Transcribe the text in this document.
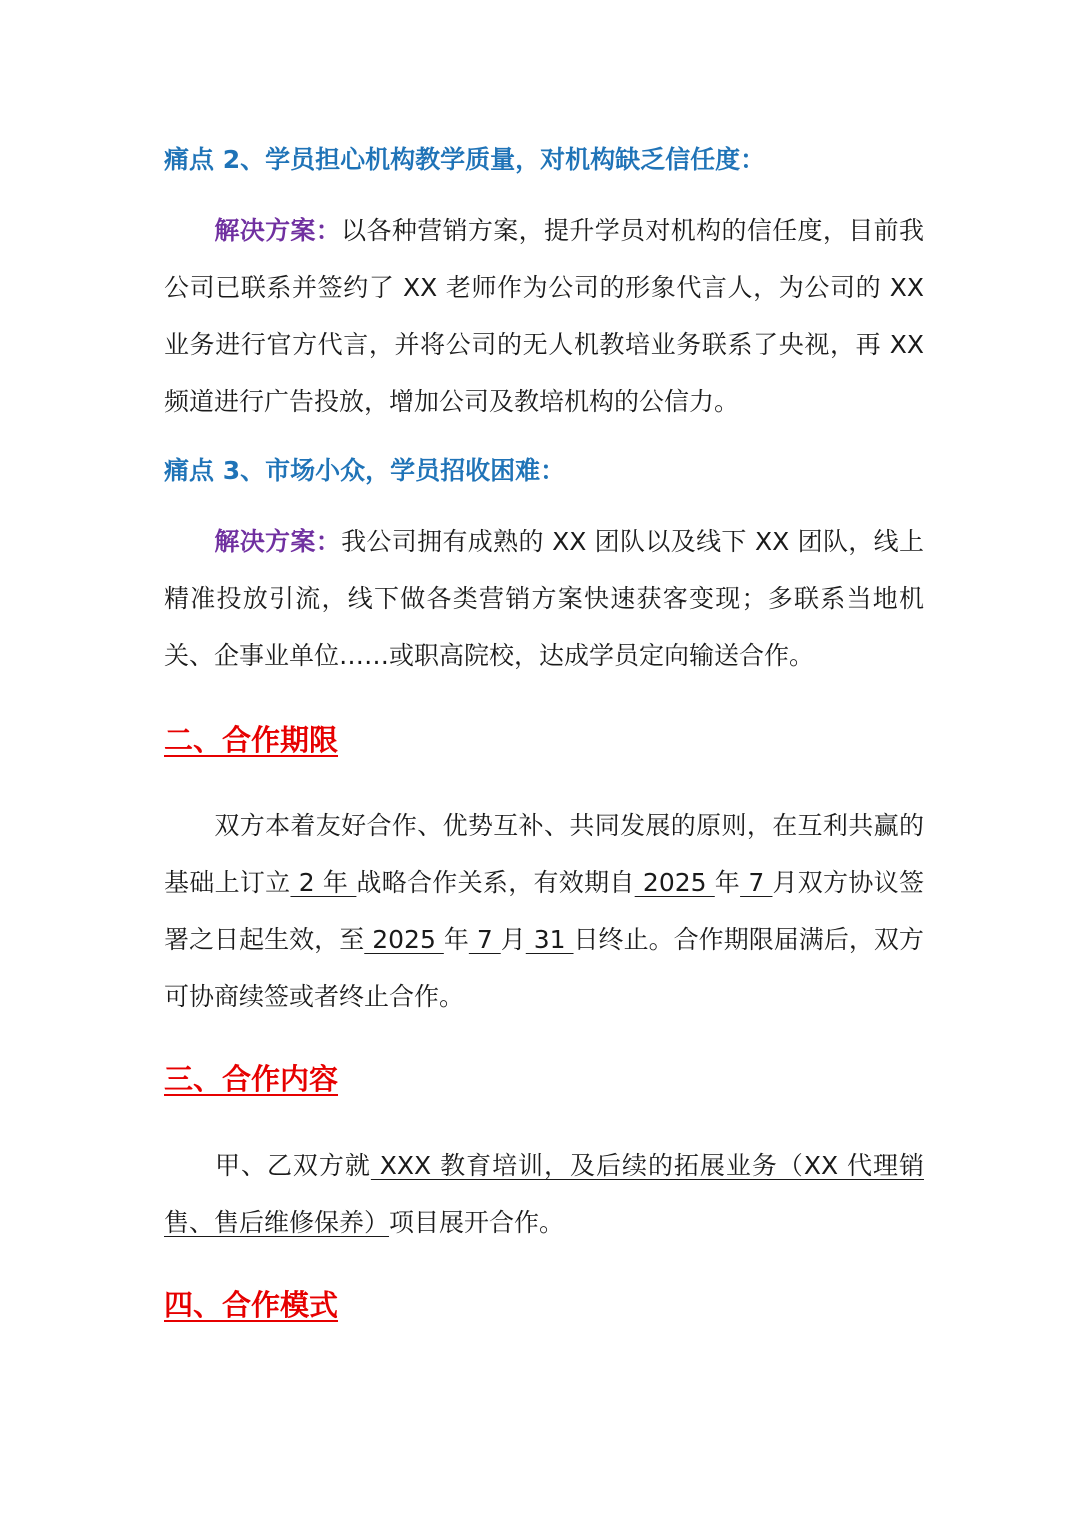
痛点 2、学员担心机构教学质量，对机构缺乏信任度：
解决方案：以各种营销方案，提升学员对机构的信任度，目前我公司已联系并签约了 XX 老师作为公司的形象代言人，为公司的 XX 业务进行官方代言，并将公司的无人机教培业务联系了央视，再 XX 频道进行广告投放，增加公司及教培机构的公信力。
痛点 3、市场小众，学员招收困难：
解决方案：我公司拥有成熟的 XX 团队以及线下 XX 团队，线上精准投放引流，线下做各类营销方案快速获客变现；多联系当地机关、企事业单位……或职高院校，达成学员定向输送合作。
二、合作期限
双方本着友好合作、优势互补、共同发展的原则，在互利共赢的基础上订立 2 年 战略合作关系，有效期自 2025 年 7 月双方协议签署之日起生效，至 2025 年 7 月 31 日终止。合作期限届满后，双方可协商续签或者终止合作。
三、合作内容
甲、乙双方就 XXX 教育培训，及后续的拓展业务（XX 代理销售、售后维修保养）项目展开合作。
四、合作模式
